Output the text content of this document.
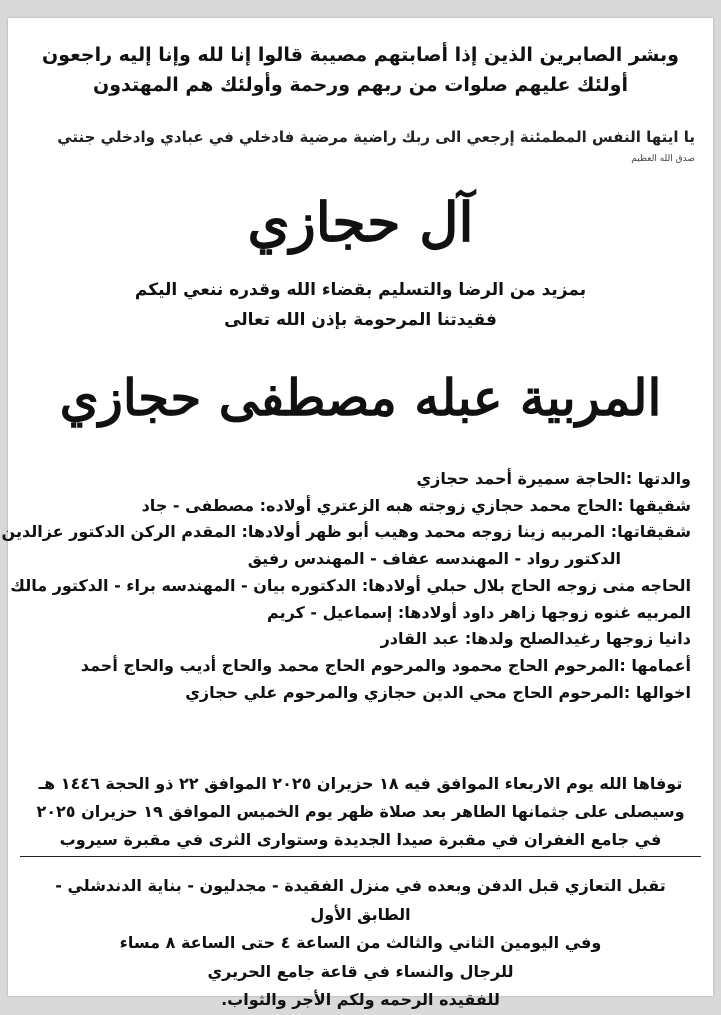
وبشر الصابرين الذين إذا أصابتهم مصيبة قالوا إنا لله وإنا إليه راجعون
أولئك عليهم صلوات من ربهم ورحمة وأولئك هم المهتدون
يا ايتها النفس المطمئنة إرجعي الى ربك راضية مرضية فادخلي في عبادي وادخلي جنتي
صدق الله العظيم
آل حجازي
بمزيد من الرضا والتسليم بقضاء الله وقدره ننعي اليكم
فقيدتنا المرحومة بإذن الله تعالى
المربية عبله مصطفى حجازي
والدتها :الحاجة سميرة أحمد حجازي
شقيقها :الحاج محمد حجازي زوجته هبه الزعتري أولاده: مصطفى - جاد
شقيقاتها: المربيه زينا زوجه محمد وهيب أبو ظهر أولادها: المقدم الركن الدكتور عزالدين
الدكتور رواد - المهندسه عفاف - المهندس رفيق
الحاجه منى زوجه الحاج بلال حبلي أولادها: الدكتوره بيان - المهندسه براء - الدكتور مالك
المربيه غنوه زوجها زاهر داود أولادها: إسماعيل - كريم
دانيا زوجها رغيدالصلح ولدها: عبد القادر
أعمامها :المرحوم الحاج محمود والمرحوم الحاج محمد والحاج أديب والحاج أحمد
اخوالها :المرحوم الحاج محي الدين حجازي والمرحوم علي حجازي
توفاها الله يوم الاربعاء الموافق فيه ١٨ حزيران ٢٠٢٥ الموافق ٢٢ ذو الحجة ١٤٤٦ هـ
وسيصلى على جثمانها الطاهر بعد صلاة ظهر يوم الخميس الموافق ١٩ حزيران ٢٠٢٥
في جامع الغفران في مقبرة صيدا الجديدة وستوارى الثرى في مقبرة سيروب
تقبل التعازي قبل الدفن وبعده في منزل الفقيدة - مجدليون - بناية الدندشلي - الطابق الأول
وفي اليومين الثاني والثالث من الساعة ٤ حتى الساعة ٨ مساء
للرجال والنساء في قاعة جامع الحريري
للفقيده الرحمه ولكم الأجر والثواب.
